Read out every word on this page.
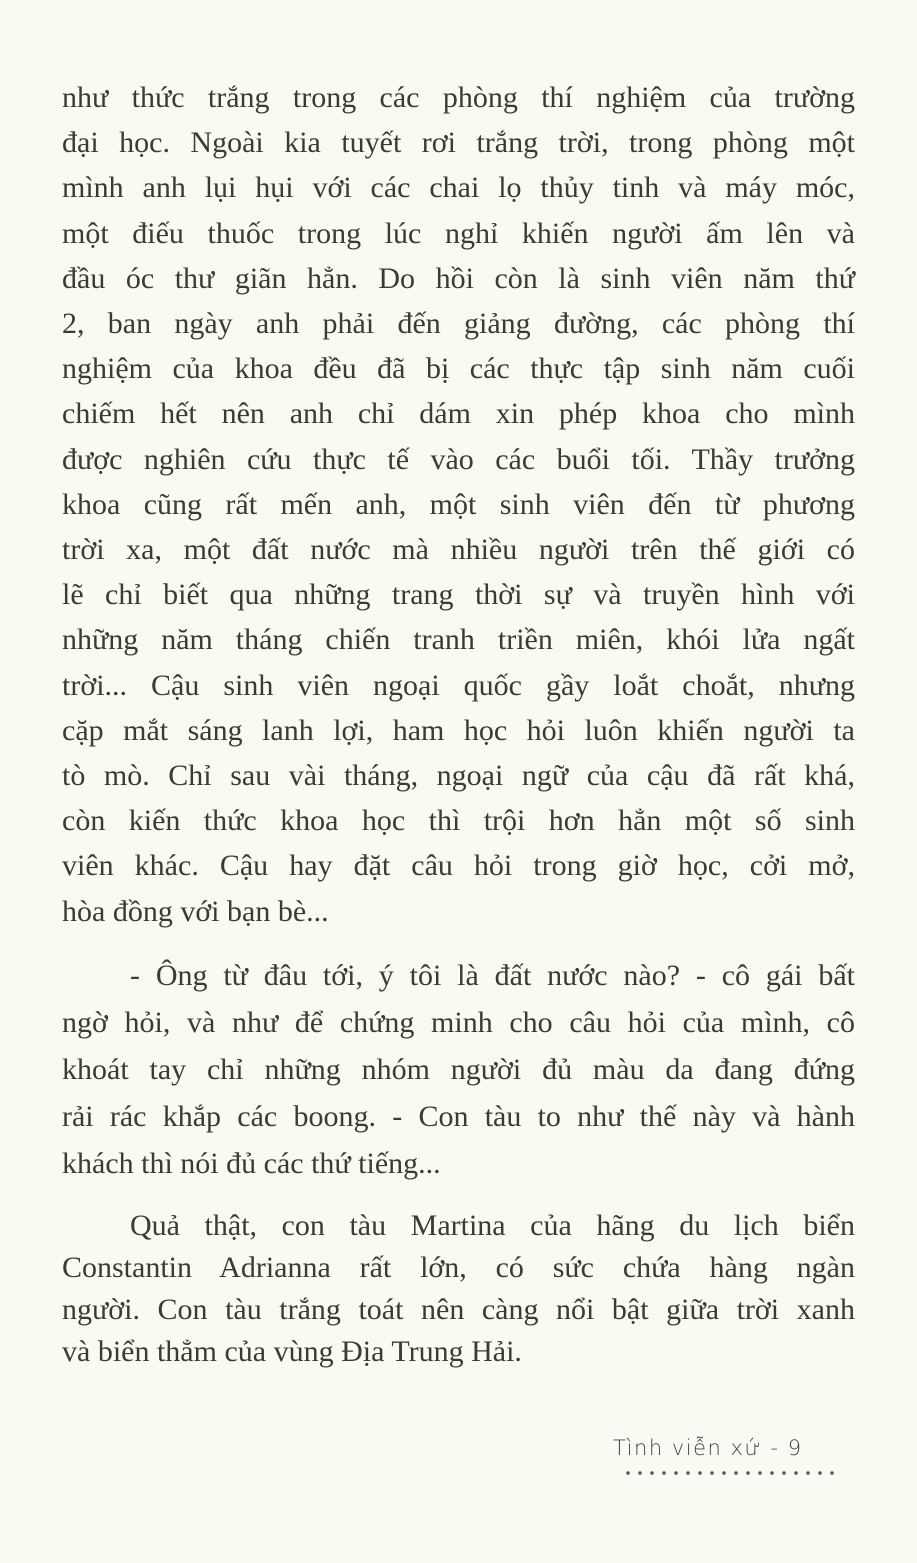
như thức trắng trong các phòng thí nghiệm của trường
đại học. Ngoài kia tuyết rơi trắng trời, trong phòng một
mình anh lụi hụi với các chai lọ thủy tinh và máy móc,
một điếu thuốc trong lúc nghỉ khiến người ấm lên và
đầu óc thư giãn hẳn. Do hồi còn là sinh viên năm thứ
2, ban ngày anh phải đến giảng đường, các phòng thí
nghiệm của khoa đều đã bị các thực tập sinh năm cuối
chiếm hết nên anh chỉ dám xin phép khoa cho mình
được nghiên cứu thực tế vào các buổi tối. Thầy trưởng
khoa cũng rất mến anh, một sinh viên đến từ phương
trời xa, một đất nước mà nhiều người trên thế giới có
lẽ chỉ biết qua những trang thời sự và truyền hình với
những năm tháng chiến tranh triền miên, khói lửa ngất
trời... Cậu sinh viên ngoại quốc gầy loắt choắt, nhưng
cặp mắt sáng lanh lợi, ham học hỏi luôn khiến người ta
tò mò. Chỉ sau vài tháng, ngoại ngữ của cậu đã rất khá,
còn kiến thức khoa học thì trội hơn hẳn một số sinh
viên khác. Cậu hay đặt câu hỏi trong giờ học, cởi mở,
hòa đồng với bạn bè...
- Ông từ đâu tới, ý tôi là đất nước nào? - cô gái bất
ngờ hỏi, và như để chứng minh cho câu hỏi của mình, cô
khoát tay chỉ những nhóm người đủ màu da đang đứng
rải rác khắp các boong. - Con tàu to như thế này và hành
khách thì nói đủ các thứ tiếng...
Quả thật, con tàu Martina của hãng du lịch biển
Constantin Adrianna rất lớn, có sức chứa hàng ngàn
người. Con tàu trắng toát nên càng nổi bật giữa trời xanh
và biển thẳm của vùng Địa Trung Hải.
Tình viễn xứ - 9
